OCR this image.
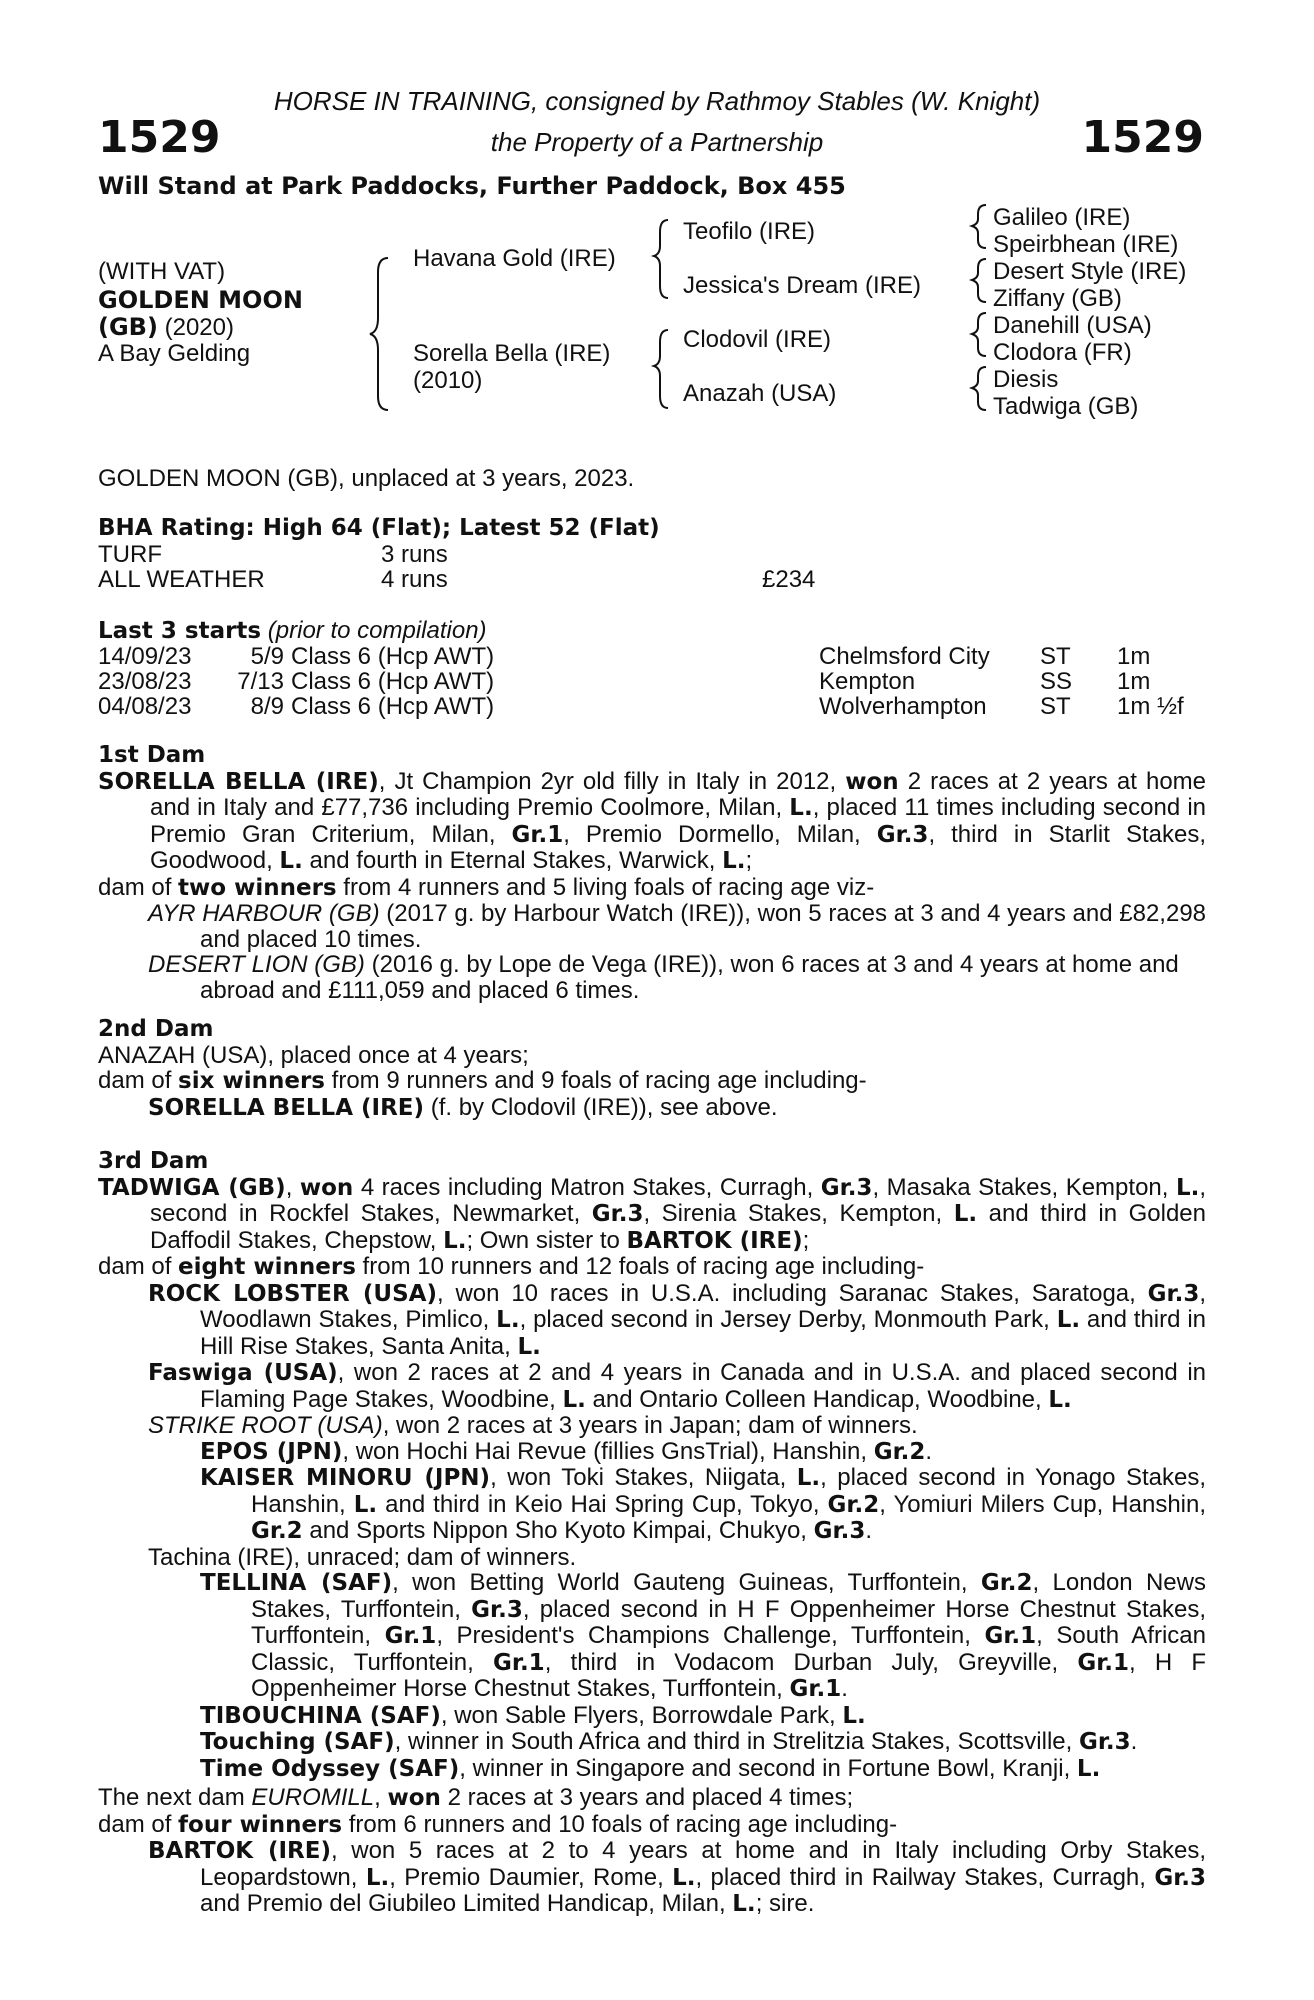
1529	1529
HORSE IN TRAINING, consigned by Rathmoy Stables (W. Knight)
the Property of a Partnership
Will Stand at Park Paddocks, Further Paddock, Box 455
(WITH VAT)
GOLDEN MOON
(GB) (2020)
A Bay Gelding
Havana Gold (IRE)
Sorella Bella (IRE)
(2010)
Teofilo (IRE)
Jessica's Dream (IRE)
Clodovil (IRE)
Anazah (USA)
Galileo (IRE)
Speirbhean (IRE)
Desert Style (IRE)
Ziffany (GB)
Danehill (USA)
Clodora (FR)
Diesis
Tadwiga (GB)
GOLDEN MOON (GB), unplaced at 3 years, 2023.
BHA Rating: High 64 (Flat); Latest 52 (Flat)
TURF	3 runs
ALL WEATHER	4 runs	£234
Last 3 starts (prior to compilation)
14/09/23	5/9 Class 6 (Hcp AWT)	Chelmsford City ST 1m
23/08/23	7/13 Class 6 (Hcp AWT)	Kempton	SS 1m
04/08/23	8/9 Class 6 (Hcp AWT)	Wolverhampton ST 1m ½f

1st Dam

SORELLA BELLA (IRE), Jt Champion 2yr old filly in Italy in 2012, won 2 races at 2 years at home and in Italy and £77,736 including Premio Coolmore, Milan, L., placed 11 times including second in Premio Gran Criterium, Milan, Gr.1, Premio Dormello, Milan, Gr.3, third in Starlit Stakes, Goodwood, L. and fourth in Eternal Stakes, Warwick, L.;

dam of two winners from 4 runners and 5 living foals of racing age viz-

AYR HARBOUR (GB) (2017 g. by Harbour Watch (IRE)), won 5 races at 3 and 4 years and £82,298 and placed 10 times.

DESERT LION (GB) (2016 g. by Lope de Vega (IRE)), won 6 races at 3 and 4 years at home and abroad and £111,059 and placed 6 times.

2nd Dam

ANAZAH (USA), placed once at 4 years;

dam of six winners from 9 runners and 9 foals of racing age including-

SORELLA BELLA (IRE) (f. by Clodovil (IRE)), see above.

3rd Dam

TADWIGA (GB), won 4 races including Matron Stakes, Curragh, Gr.3, Masaka Stakes, Kempton, L., second in Rockfel Stakes, Newmarket, Gr.3, Sirenia Stakes, Kempton, L. and third in Golden Daffodil Stakes, Chepstow, L.; Own sister to BARTOK (IRE);

dam of eight winners from 10 runners and 12 foals of racing age including-

ROCK LOBSTER (USA), won 10 races in U.S.A. including Saranac Stakes, Saratoga, Gr.3, Woodlawn Stakes, Pimlico, L., placed second in Jersey Derby, Monmouth Park, L. and third in Hill Rise Stakes, Santa Anita, L.

Faswiga (USA), won 2 races at 2 and 4 years in Canada and in U.S.A. and placed second in Flaming Page Stakes, Woodbine, L. and Ontario Colleen Handicap, Woodbine, L.

STRIKE ROOT (USA), won 2 races at 3 years in Japan; dam of winners.

EPOS (JPN), won Hochi Hai Revue (fillies GnsTrial), Hanshin, Gr.2.

KAISER MINORU (JPN), won Toki Stakes, Niigata, L., placed second in Yonago Stakes, Hanshin, L. and third in Keio Hai Spring Cup, Tokyo, Gr.2, Yomiuri Milers Cup, Hanshin, Gr.2 and Sports Nippon Sho Kyoto Kimpai, Chukyo, Gr.3.

Tachina (IRE), unraced; dam of winners.

TELLINA (SAF), won Betting World Gauteng Guineas, Turffontein, Gr.2, London News Stakes, Turffontein, Gr.3, placed second in H F Oppenheimer Horse Chestnut Stakes, Turffontein, Gr.1, President's Champions Challenge, Turffontein, Gr.1, South African Classic, Turffontein, Gr.1, third in Vodacom Durban July, Greyville, Gr.1, H F Oppenheimer Horse Chestnut Stakes, Turffontein, Gr.1.

TIBOUCHINA (SAF), won Sable Flyers, Borrowdale Park, L.

Touching (SAF), winner in South Africa and third in Strelitzia Stakes, Scottsville, Gr.3.

Time Odyssey (SAF), winner in Singapore and second in Fortune Bowl, Kranji, L.

The next dam EUROMILL, won 2 races at 3 years and placed 4 times;

dam of four winners from 6 runners and 10 foals of racing age including-

BARTOK (IRE), won 5 races at 2 to 4 years at home and in Italy including Orby Stakes, Leopardstown, L., Premio Daumier, Rome, L., placed third in Railway Stakes, Curragh, Gr.3 and Premio del Giubileo Limited Handicap, Milan, L.; sire.
